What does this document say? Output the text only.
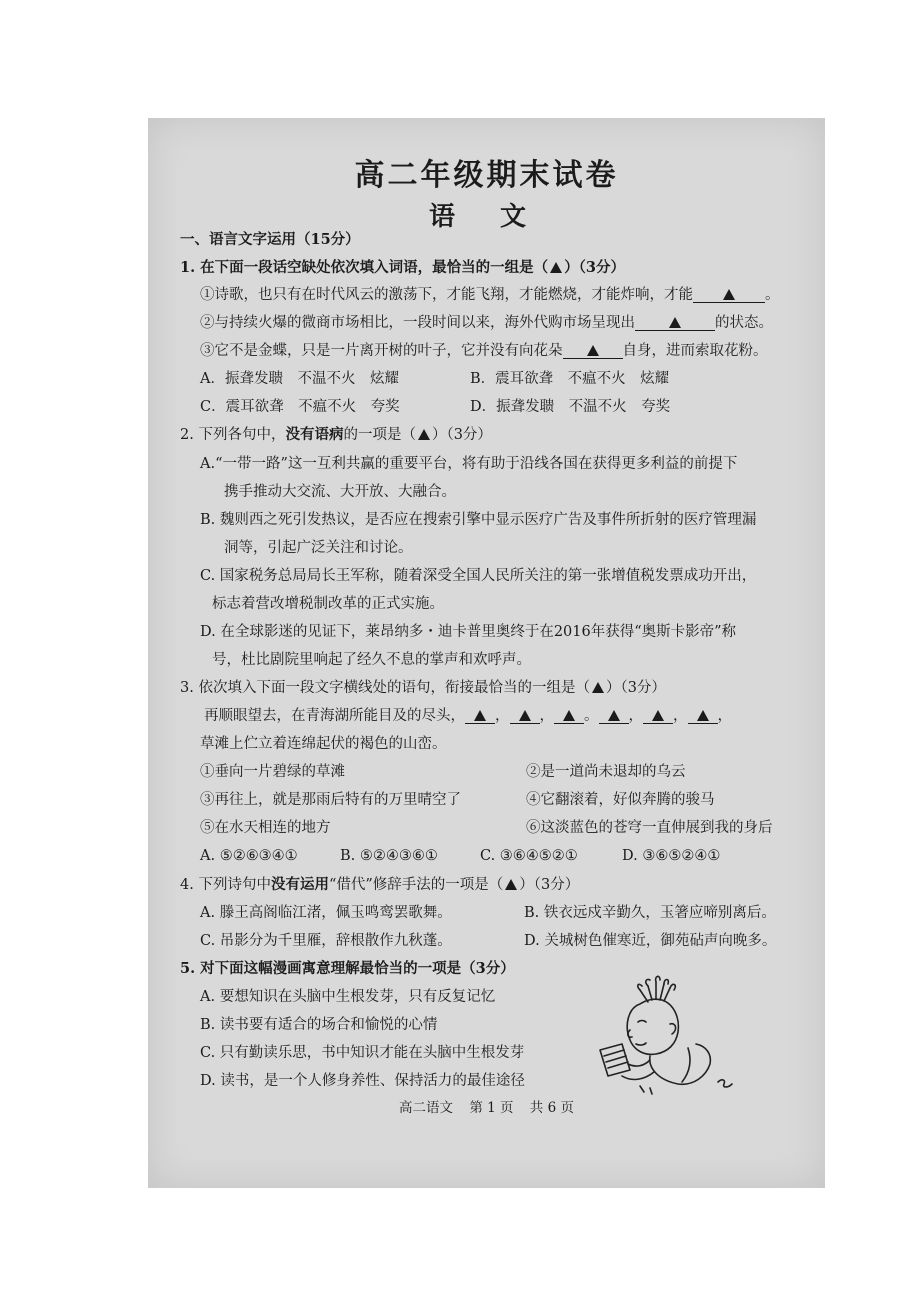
高二年级期末试卷
语 文
一、语言文字运用（15分）
1. 在下面一段话空缺处依次填入词语，最恰当的一组是（ ）（3分）
①诗歌，也只有在时代风云的激荡下，才能飞翔，才能燃烧，才能炸响，才能	。
②与持续火爆的微商市场相比，一段时间以来，海外代购市场呈现出	的状态。
③它不是金蝶，只是一片离开树的叶子，它并没有向花朵	自身，进而索取花粉。
A．振聋发聩　不温不火　炫耀	B．震耳欲聋　不瘟不火　炫耀
C．震耳欲聋　不瘟不火　夸奖	D．振聋发聩　不温不火　夸奖
2. 下列各句中，没有语病的一项是（ ）（3分）
A.“一带一路”这一互利共赢的重要平台，将有助于沿线各国在获得更多利益的前提下
携手推动大交流、大开放、大融合。
B. 魏则西之死引发热议，是否应在搜索引擎中显示医疗广告及事件所折射的医疗管理漏
洞等，引起广泛关注和讨论。
C. 国家税务总局局长王军称，随着深受全国人民所关注的第一张增值税发票成功开出，
标志着营改增税制改革的正式实施。
D. 在全球影迷的见证下，莱昂纳多・迪卡普里奥终于在2016年获得“奥斯卡影帝”称
号，杜比剧院里响起了经久不息的掌声和欢呼声。
3. 依次填入下面一段文字横线处的语句，衔接最恰当的一组是（ ）（3分）
再顺眼望去，在青海湖所能目及的尽头， ， ， 。 ， ， ，
草滩上伫立着连绵起伏的褐色的山峦。
①垂向一片碧绿的草滩	②是一道尚未退却的乌云
③再往上，就是那雨后特有的万里晴空了	④它翻滚着，好似奔腾的骏马
⑤在水天相连的地方	⑥这淡蓝色的苍穹一直伸展到我的身后
A. ⑤②⑥③④①	B. ⑤②④③⑥①	C. ③⑥④⑤②①	D. ③⑥⑤②④①
4. 下列诗句中没有运用“借代”修辞手法的一项是（ ）（3分）
A. 滕王高阁临江渚，佩玉鸣鸾罢歌舞。	B. 铁衣远戍辛勤久，玉箸应啼别离后。
C. 吊影分为千里雁，辞根散作九秋蓬。	D. 关城树色催寒近，御苑砧声向晚多。
5. 对下面这幅漫画寓意理解最恰当的一项是（3分）
A. 要想知识在头脑中生根发芽，只有反复记忆
B. 读书要有适合的场合和愉悦的心情
C. 只有勤读乐思，书中知识才能在头脑中生根发芽
D. 读书，是一个人修身养性、保持活力的最佳途径
高二语文 第 1 页 共 6 页
